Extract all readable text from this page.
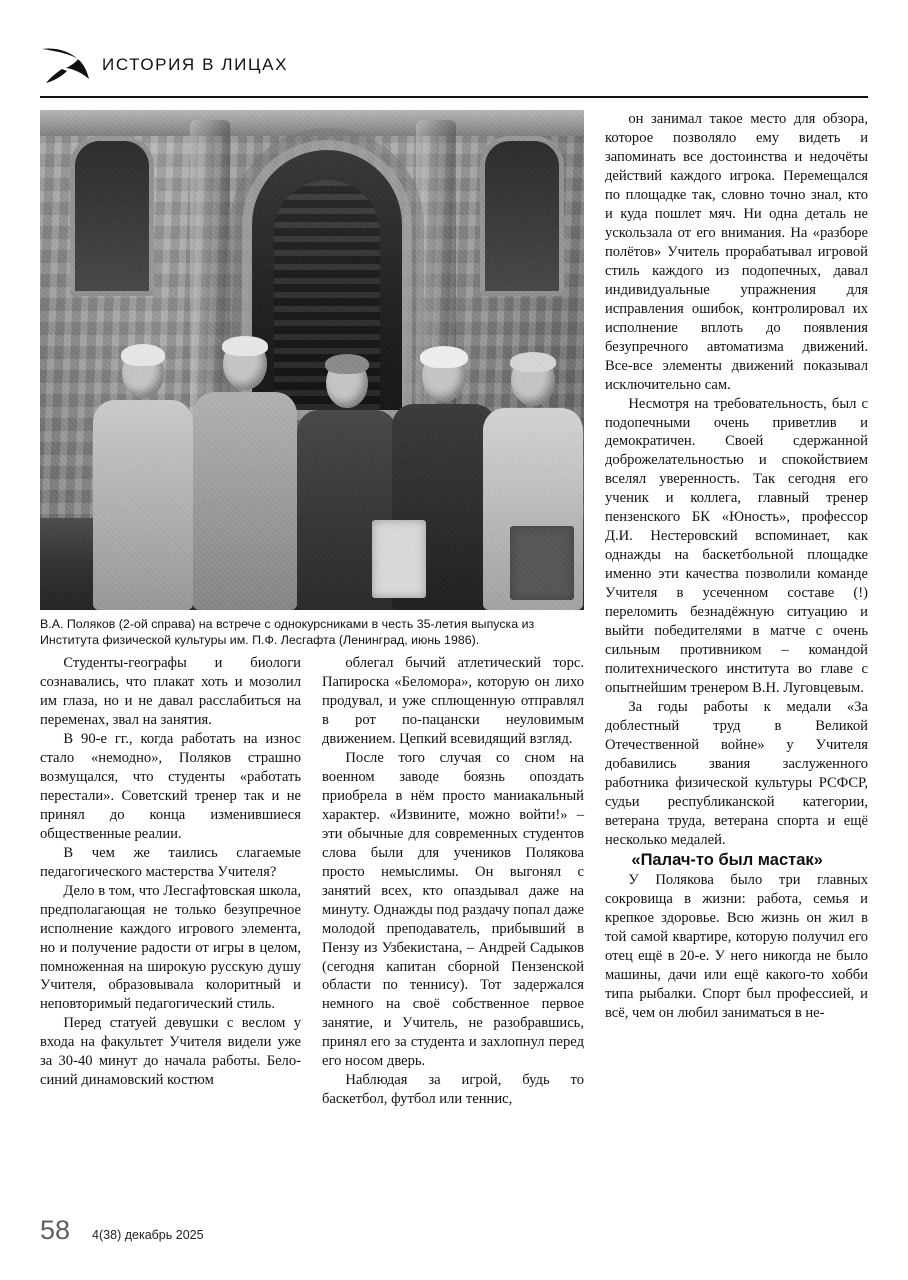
ИСТОРИЯ В ЛИЦАХ
В.А. Поляков (2-ой справа) на встрече с однокурсниками в честь 35-летия выпуска из Института физической культуры им. П.Ф. Лесгафта (Ленинград, июнь 1986).

Студенты-географы и биологи сознавались, что плакат хоть и мозолил им глаза, но и не давал расслабиться на переменах, звал на занятия.

В 90-е гг., когда работать на износ стало «немодно», Поляков страшно возмущался, что студенты «работать перестали». Советский тренер так и не принял до конца изменившиеся общественные реалии.

В чем же таились слагаемые педагогического мастерства Учителя?

Дело в том, что Лесгафтовская школа, предполагающая не только безупречное исполнение каждого игрового элемента, но и получение радости от игры в целом, помноженная на широкую русскую душу Учителя, образовывала колоритный и неповторимый педагогический стиль.

Перед статуей девушки с веслом у входа на факультет Учителя видели уже за 30-40 минут до начала работы. Бело-синий динамовский костюм

облегал бычий атлетический торс. Папироска «Беломора», которую он лихо продувал, и уже сплющенную отправлял в рот по-пацански неуловимым движением. Цепкий всевидящий взгляд.

После того случая со сном на военном заводе боязнь опоздать приобрела в нём просто маниакальный характер. «Извините, можно войти!» – эти обычные для современных студентов слова были для учеников Полякова просто немыслимы. Он выгонял с занятий всех, кто опаздывал даже на минуту. Однажды под раздачу попал даже молодой преподаватель, прибывший в Пензу из Узбекистана, – Андрей Садыков (сегодня капитан сборной Пензенской области по теннису). Тот задержался немного на своё собственное первое занятие, и Учитель, не разобравшись, принял его за студента и захлопнул перед его носом дверь.

Наблюдая за игрой, будь то баскетбол, футбол или теннис,

он занимал такое место для обзора, которое позволяло ему видеть и запоминать все достоинства и недочёты действий каждого игрока. Перемещался по площадке так, словно точно знал, кто и куда пошлет мяч. Ни одна деталь не ускользала от его внимания. На «разборе полётов» Учитель прорабатывал игровой стиль каждого из подопечных, давал индивидуальные упражнения для исправления ошибок, контролировал их исполнение вплоть до появления безупречного автоматизма движений. Все-все элементы движений показывал исключительно сам.

Несмотря на требовательность, был с подопечными очень приветлив и демократичен. Своей сдержанной доброжелательностью и спокойствием вселял уверенность. Так сегодня его ученик и коллега, главный тренер пензенского БК «Юность», профессор Д.И. Нестеровский вспоминает, как однажды на баскетбольной площадке именно эти качества позволили команде Учителя в усеченном составе (!) переломить безнадёжную ситуацию и выйти победителями в матче с очень сильным противником – командой политехнического института во главе с опытнейшим тренером В.Н. Луговцевым.

За годы работы к медали «За доблестный труд в Великой Отечественной войне» у Учителя добавились звания заслуженного работника физической культуры РСФСР, судьи республиканской категории, ветерана труда, ветерана спорта и ещё несколько медалей.

«Палач-то был мастак»

У Полякова было три главных сокровища в жизни: работа, семья и крепкое здоровье. Всю жизнь он жил в той самой квартире, которую получил его отец ещё в 20-е. У него никогда не было машины, дачи или ещё какого-то хобби типа рыбалки. Спорт был профессией, и всё, чем он любил заниматься в не-

58 4(38) декабрь 2025
